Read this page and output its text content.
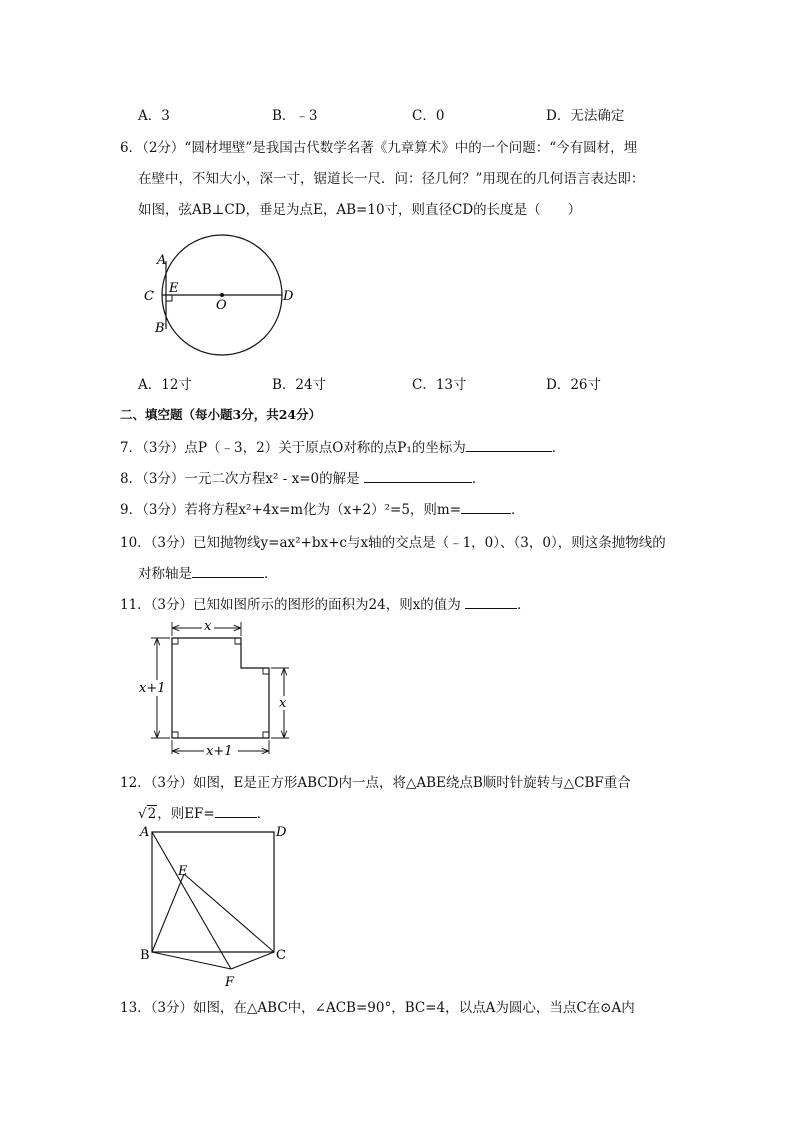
A．3	B．﹣3	C．0	D．无法确定
6．（2分）“圆材埋壁”是我国古代数学名著《九章算术》中的一个问题：“今有圆材，埋
在壁中，不知大小，深一寸，锯道长一尺．问：径几何？”用现在的几何语言表达即：
如图，弦AB⊥CD，垂足为点E，AB=10寸，则直径CD的长度是（　　）
A
C
E
O
D
B
A．12寸	B．24寸	C．13寸	D．26寸
二、填空题（每小题3分，共24分）
7．（3分）点P（﹣3，2）关于原点O对称的点P₁的坐标为	．
8．（3分）一元二次方程x² - x=0的解是	．
9．（3分）若将方程x²+4x=m化为（x+2）²=5，则m=	．
10．（3分）已知抛物线y=ax²+bx+c与x轴的交点是（﹣1，0）、（3，0），则这条抛物线的
对称轴是	．
11．（3分）已知如图所示的图形的面积为24，则x的值为	．
x
x+1
x
x+1
12．（3分）如图，E是正方形ABCD内一点，将△ABE绕点B顺时针旋转与△CBF重合
√2，则EF=	．
A	D
E
B	C
F
13．（3分）如图，在△ABC中，∠ACB=90°，BC=4，以点A为圆心，当点C在⊙A内
